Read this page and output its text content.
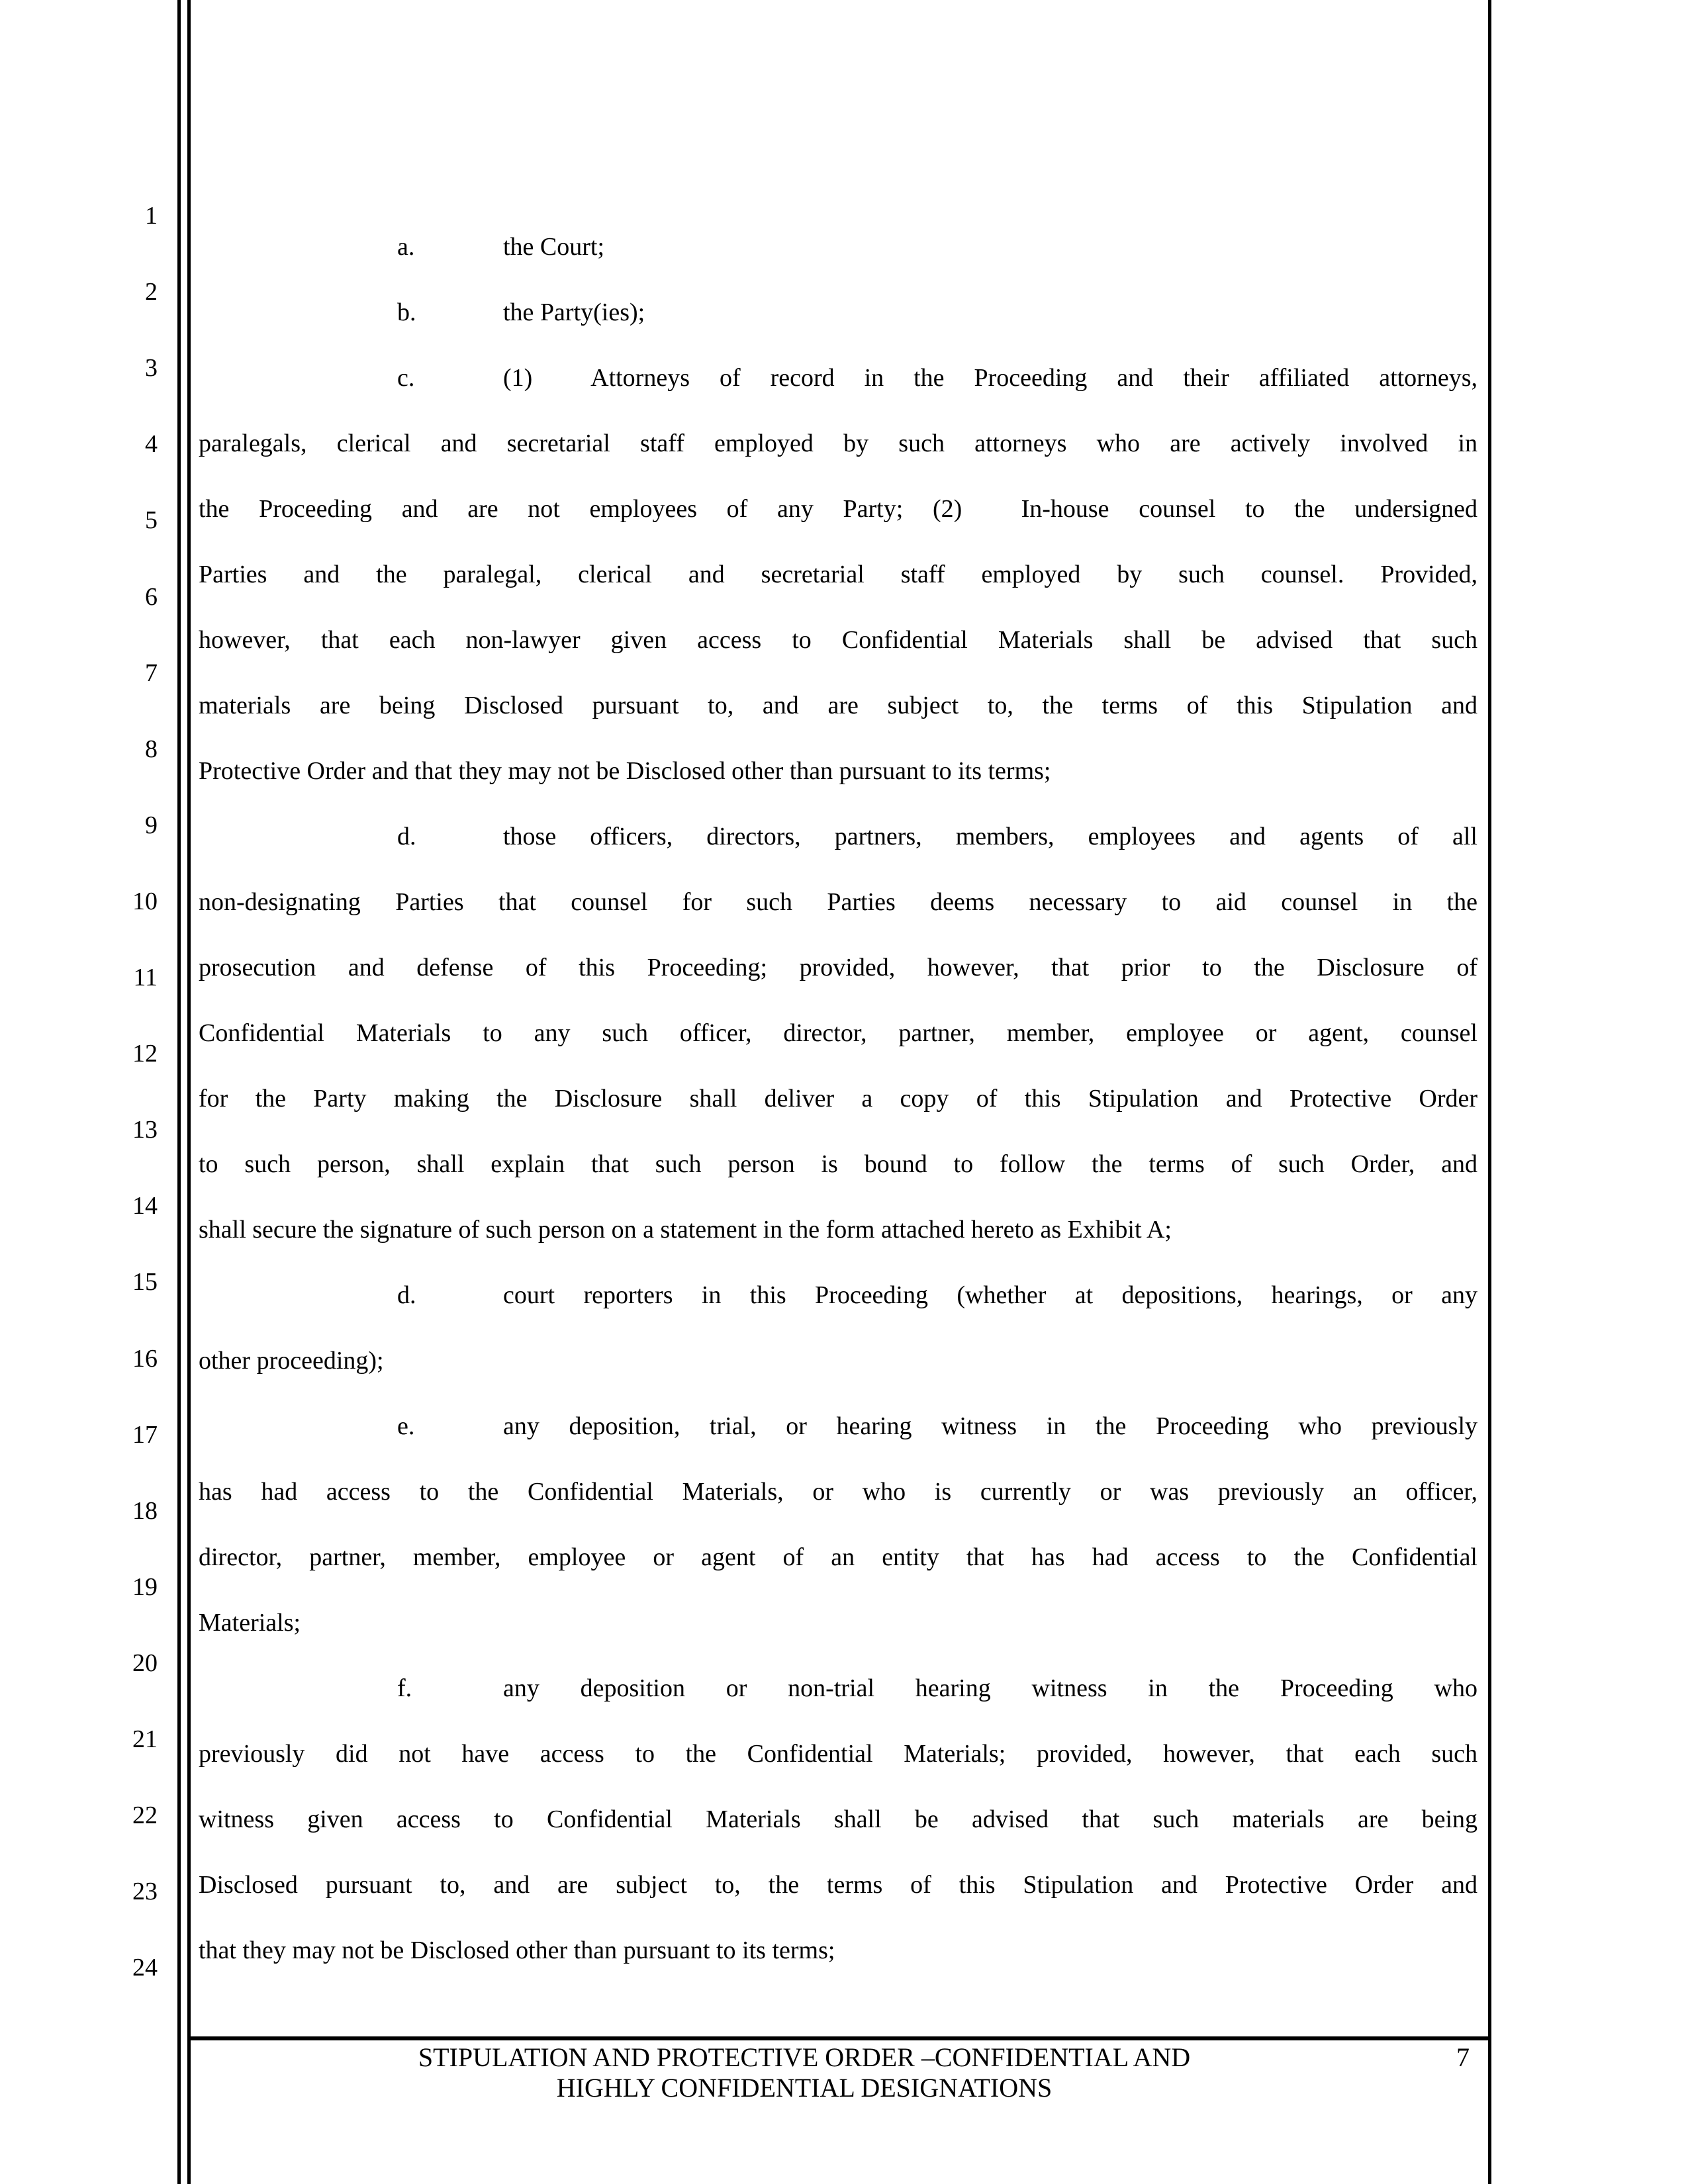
1
2
3
4
5
6
7
8
9
10
11
12
13
14
15
16
17
18
19
20
21
22
23
24
a.	the Court;
b.	the Party(ies);
c.	(1)  Attorneys of record in the Proceeding and their affiliated attorneys,
paralegals, clerical and secretarial staff employed by such attorneys who are actively involved in
the Proceeding and are not employees of any Party; (2)  In-house counsel to the undersigned
Parties and the paralegal, clerical and secretarial staff employed by such counsel. Provided,
however, that each non-lawyer given access to Confidential Materials shall be advised that such
materials are being Disclosed pursuant to, and are subject to, the terms of this Stipulation and
Protective Order and that they may not be Disclosed other than pursuant to its terms;
d.	those officers, directors, partners, members, employees and agents of all
non-designating Parties that counsel for such Parties deems necessary to aid counsel in the
prosecution and defense of this Proceeding; provided, however, that prior to the Disclosure of
Confidential Materials to any such officer, director, partner, member, employee or agent, counsel
for the Party making the Disclosure shall deliver a copy of this Stipulation and Protective Order
to such person, shall explain that such person is bound to follow the terms of such Order, and
shall secure the signature of such person on a statement in the form attached hereto as Exhibit A;
d.	court reporters in this Proceeding (whether at depositions, hearings, or any
other proceeding);
e.	any deposition, trial, or hearing witness in the Proceeding who previously
has had access to the Confidential Materials, or who is currently or was previously an officer,
director, partner, member, employee or agent of an entity that has had access to the Confidential
Materials;
f.	any deposition or non-trial hearing witness in the Proceeding who
previously did not have access to the Confidential Materials; provided, however, that each such
witness given access to Confidential Materials shall be advised that such materials are being
Disclosed pursuant to, and are subject to, the terms of this Stipulation and Protective Order and
that they may not be Disclosed other than pursuant to its terms;
STIPULATION AND PROTECTIVE ORDER –CONFIDENTIAL AND
HIGHLY CONFIDENTIAL DESIGNATIONS
7
